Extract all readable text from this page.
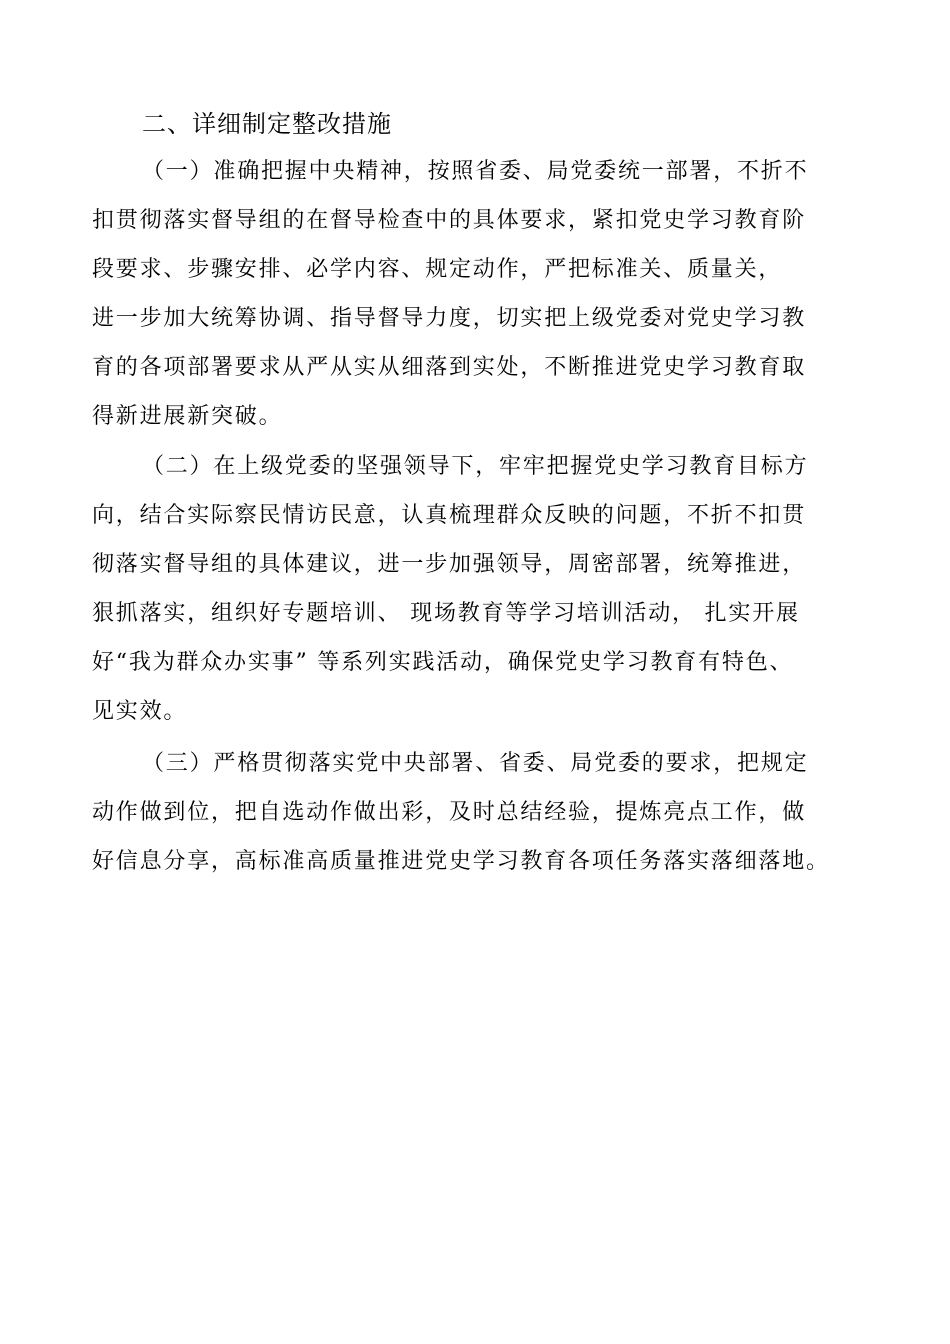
二、详细制定整改措施

（一）准确把握中央精神，按照省委、局党委统一部署，不折不
扣贯彻落实督导组的在督导检查中的具体要求，紧扣党史学习教育阶
段要求、步骤安排、必学内容、规定动作，严把标准关、质量关，
进一步加大统筹协调、指导督导力度，切实把上级党委对党史学习教
育的各项部署要求从严从实从细落到实处，不断推进党史学习教育取
得新进展新突破。

（二）在上级党委的坚强领导下，牢牢把握党史学习教育目标方
向，结合实际察民情访民意，认真梳理群众反映的问题，不折不扣贯
彻落实督导组的具体建议，进一步加强领导，周密部署，统筹推进，
狠抓落实，组织好专题培训、 现场教育等学习培训活动， 扎实开展
好“我为群众办实事” 等系列实践活动，确保党史学习教育有特色、
见实效。

（三）严格贯彻落实党中央部署、省委、局党委的要求，把规定
动作做到位，把自选动作做出彩，及时总结经验，提炼亮点工作，做
好信息分享，高标准高质量推进党史学习教育各项任务落实落细落地。
